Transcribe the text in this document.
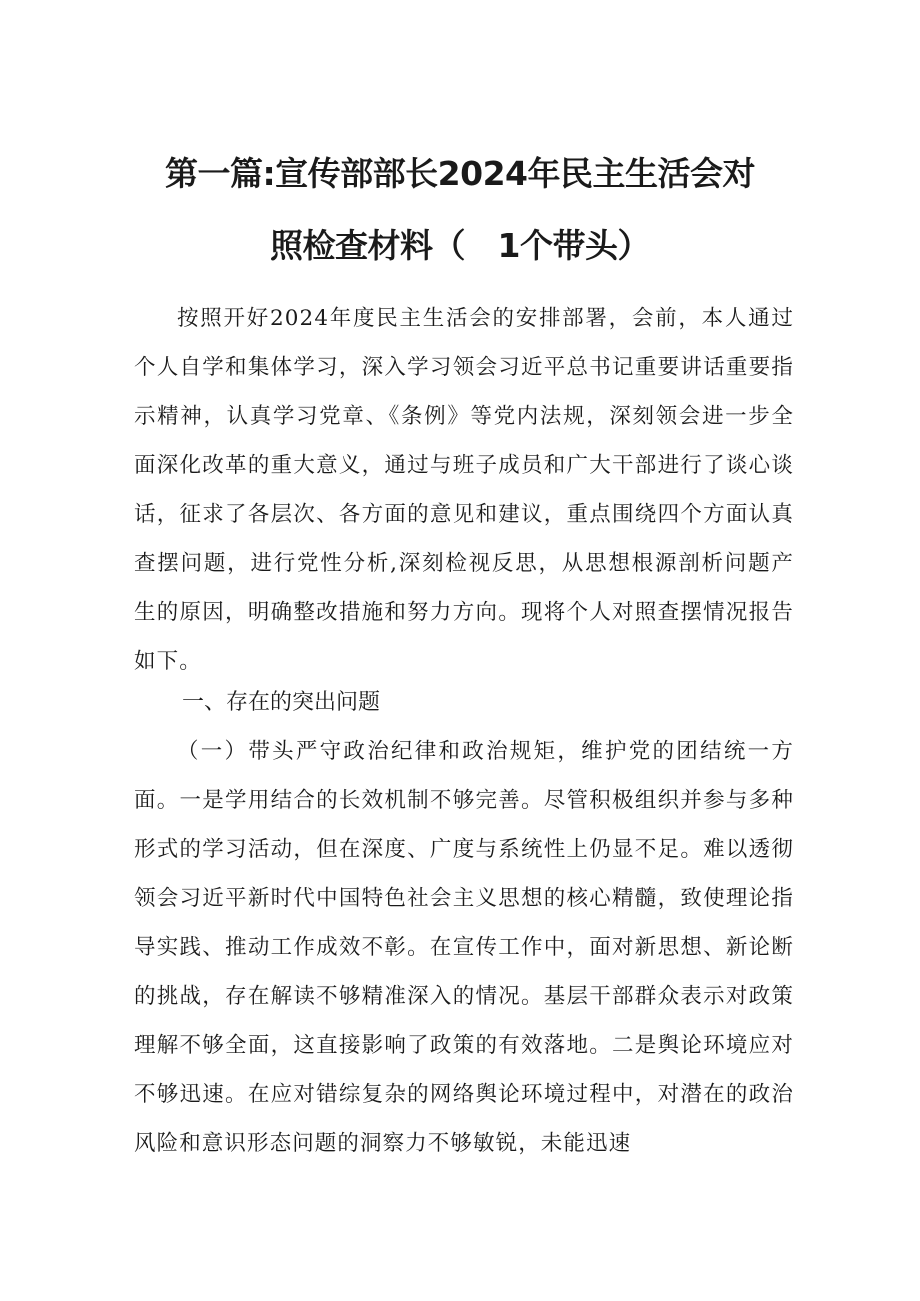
第一篇:宣传部部长2024年民主生活会对
照检查材料（　1个带头）

按照开好2024年度民主生活会的安排部署，会前，本人通过个人自学和集体学习，深入学习领会习近平总书记重要讲话重要指示精神，认真学习党章、《条例》等党内法规，深刻领会进一步全面深化改革的重大意义，通过与班子成员和广大干部进行了谈心谈话，征求了各层次、各方面的意见和建议，重点围绕四个方面认真查摆问题，进行党性分析,深刻检视反思，从思想根源剖析问题产生的原因，明确整改措施和努力方向。现将个人对照查摆情况报告如下。

一、存在的突出问题

（一）带头严守政治纪律和政治规矩，维护党的团结统一方面。一是学用结合的长效机制不够完善。尽管积极组织并参与多种形式的学习活动，但在深度、广度与系统性上仍显不足。难以透彻领会习近平新时代中国特色社会主义思想的核心精髓，致使理论指导实践、推动工作成效不彰。在宣传工作中，面对新思想、新论断的挑战，存在解读不够精准深入的情况。基层干部群众表示对政策理解不够全面，这直接影响了政策的有效落地。二是舆论环境应对不够迅速。在应对错综复杂的网络舆论环境过程中，对潜在的政治风险和意识形态问题的洞察力不够敏锐，未能迅速
